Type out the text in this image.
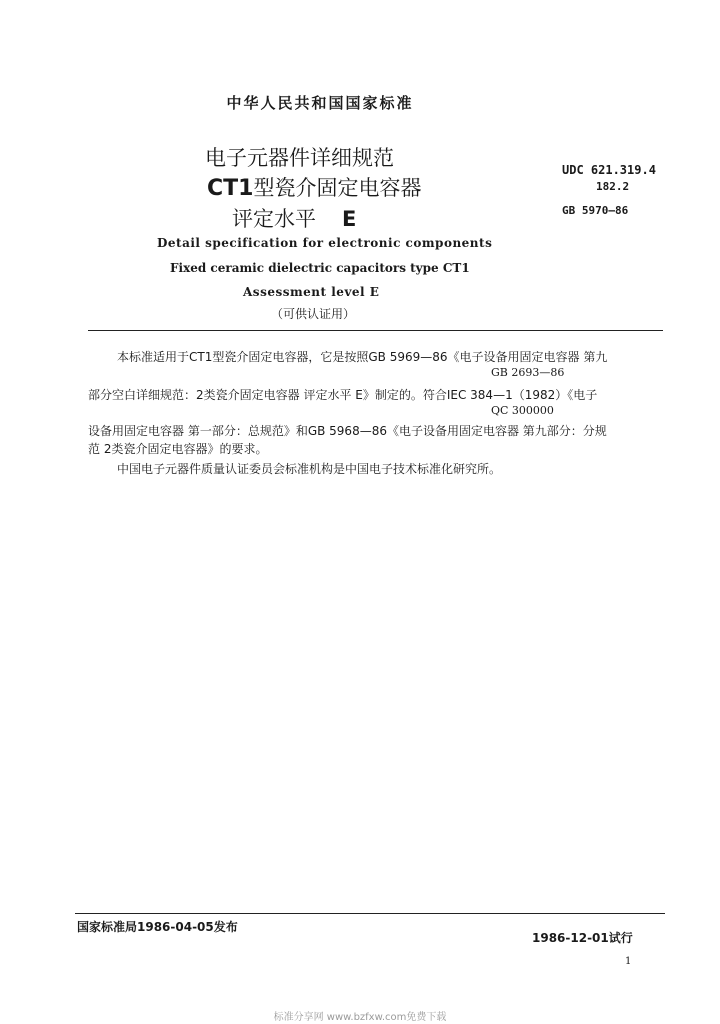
中华人民共和国国家标准
电子元器件详细规范
CT1型瓷介固定电容器
评定水平 E
UDC 621.319.4
182.2
GB 5970—86
Detail specification for electronic components
Fixed ceramic dielectric capacitors type CT1
Assessment level E
（可供认证用）
本标准适用于CT1型瓷介固定电容器，它是按照GB 5969—86《电子设备用固定电容器 第九
GB 2693—86
部分空白详细规范：2类瓷介固定电容器 评定水平 E》制定的。符合IEC 384—1（1982）《电子
QC 300000
设备用固定电容器 第一部分：总规范》和GB 5968—86《电子设备用固定电容器 第九部分：分规
范 2类瓷介固定电容器》的要求。
中国电子元器件质量认证委员会标准机构是中国电子技术标准化研究所。
国家标准局1986-04-05发布
1986-12-01试行
1
标准分享网 www.bzfxw.com免费下载
